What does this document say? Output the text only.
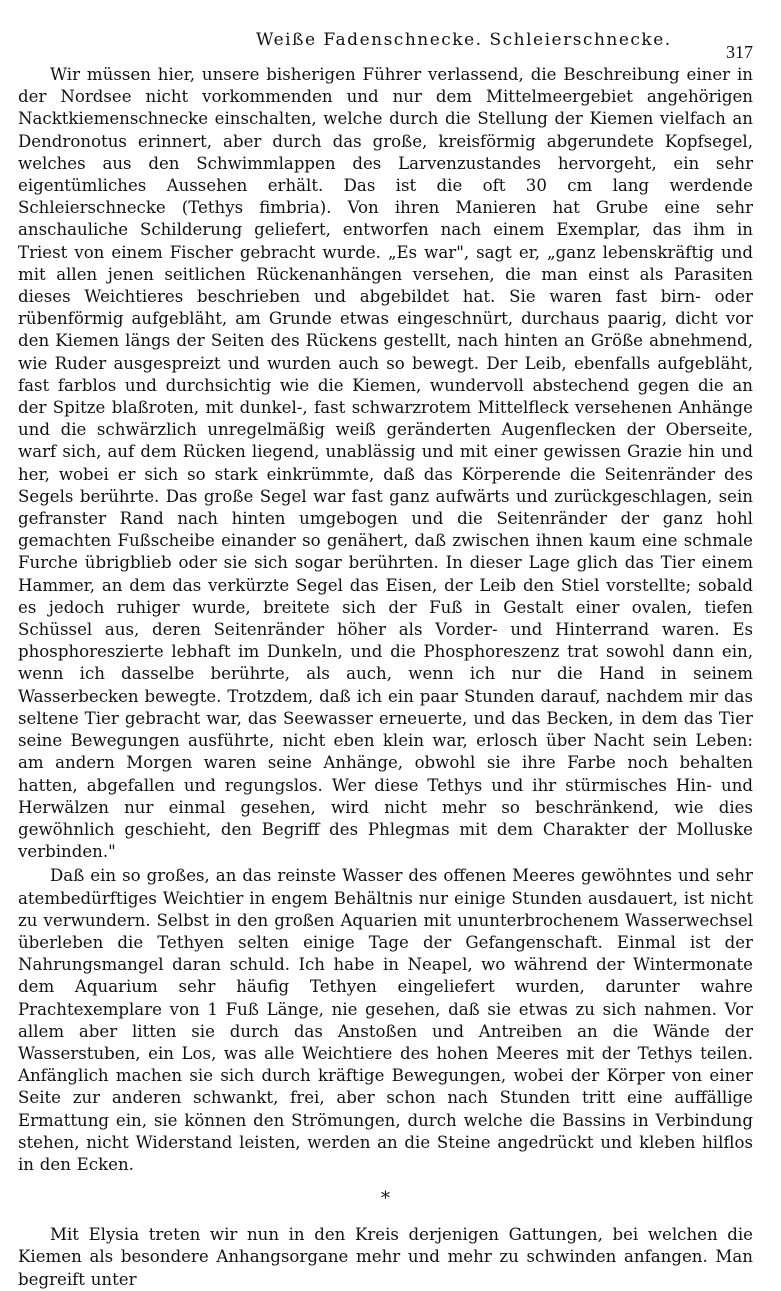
Weiße Fadenschnecke. Schleierschnecke.
317

Wir müssen hier, unsere bisherigen Führer verlassend, die Beschreibung einer in der Nordsee nicht vorkommenden und nur dem Mittelmeergebiet angehörigen Nacktkiemenschnecke einschalten, welche durch die Stellung der Kiemen vielfach an Dendronotus erinnert, aber durch das große, kreisförmig abgerundete Kopfsegel, welches aus den Schwimmlappen des Larvenzustandes hervorgeht, ein sehr eigentümliches Aussehen erhält. Das ist die oft 30 cm lang werdende Schleierschnecke (Tethys fimbria). Von ihren Manieren hat Grube eine sehr anschauliche Schilderung geliefert, entworfen nach einem Exemplar, das ihm in Triest von einem Fischer gebracht wurde. „Es war", sagt er, „ganz lebenskräftig und mit allen jenen seitlichen Rückenanhängen versehen, die man einst als Parasiten dieses Weichtieres beschrieben und abgebildet hat. Sie waren fast birn- oder rübenförmig aufgebläht, am Grunde etwas eingeschnürt, durchaus paarig, dicht vor den Kiemen längs der Seiten des Rückens gestellt, nach hinten an Größe abnehmend, wie Ruder ausgespreizt und wurden auch so bewegt. Der Leib, ebenfalls aufgebläht, fast farblos und durchsichtig wie die Kiemen, wundervoll abstechend gegen die an der Spitze blaßroten, mit dunkel-, fast schwarzrotem Mittelfleck versehenen Anhänge und die schwärzlich unregelmäßig weiß geränderten Augenflecken der Oberseite, warf sich, auf dem Rücken liegend, unablässig und mit einer gewissen Grazie hin und her, wobei er sich so stark einkrümmte, daß das Körperende die Seitenränder des Segels berührte. Das große Segel war fast ganz aufwärts und zurückgeschlagen, sein gefranster Rand nach hinten umgebogen und die Seitenränder der ganz hohl gemachten Fußscheibe einander so genähert, daß zwischen ihnen kaum eine schmale Furche übrigblieb oder sie sich sogar berührten. In dieser Lage glich das Tier einem Hammer, an dem das verkürzte Segel das Eisen, der Leib den Stiel vorstellte; sobald es jedoch ruhiger wurde, breitete sich der Fuß in Gestalt einer ovalen, tiefen Schüssel aus, deren Seitenränder höher als Vorder- und Hinterrand waren. Es phosphoreszierte lebhaft im Dunkeln, und die Phosphoreszenz trat sowohl dann ein, wenn ich dasselbe berührte, als auch, wenn ich nur die Hand in seinem Wasserbecken bewegte. Trotzdem, daß ich ein paar Stunden darauf, nachdem mir das seltene Tier gebracht war, das Seewasser erneuerte, und das Becken, in dem das Tier seine Bewegungen ausführte, nicht eben klein war, erlosch über Nacht sein Leben: am andern Morgen waren seine Anhänge, obwohl sie ihre Farbe noch behalten hatten, abgefallen und regungslos. Wer diese Tethys und ihr stürmisches Hin- und Herwälzen nur einmal gesehen, wird nicht mehr so beschränkend, wie dies gewöhnlich geschieht, den Begriff des Phlegmas mit dem Charakter der Molluske verbinden."

Daß ein so großes, an das reinste Wasser des offenen Meeres gewöhntes und sehr atembedürftiges Weichtier in engem Behältnis nur einige Stunden ausdauert, ist nicht zu verwundern. Selbst in den großen Aquarien mit ununterbrochenem Wasserwechsel überleben die Tethyen selten einige Tage der Gefangenschaft. Einmal ist der Nahrungsmangel daran schuld. Ich habe in Neapel, wo während der Wintermonate dem Aquarium sehr häufig Tethyen eingeliefert wurden, darunter wahre Prachtexemplare von 1 Fuß Länge, nie gesehen, daß sie etwas zu sich nahmen. Vor allem aber litten sie durch das Anstoßen und Antreiben an die Wände der Wasserstuben, ein Los, was alle Weichtiere des hohen Meeres mit der Tethys teilen. Anfänglich machen sie sich durch kräftige Bewegungen, wobei der Körper von einer Seite zur anderen schwankt, frei, aber schon nach Stunden tritt eine auffällige Ermattung ein, sie können den Strömungen, durch welche die Bassins in Verbindung stehen, nicht Widerstand leisten, werden an die Steine angedrückt und kleben hilflos in den Ecken.

*

Mit Elysia treten wir nun in den Kreis derjenigen Gattungen, bei welchen die Kiemen als besondere Anhangsorgane mehr und mehr zu schwinden anfangen. Man begreift unter
